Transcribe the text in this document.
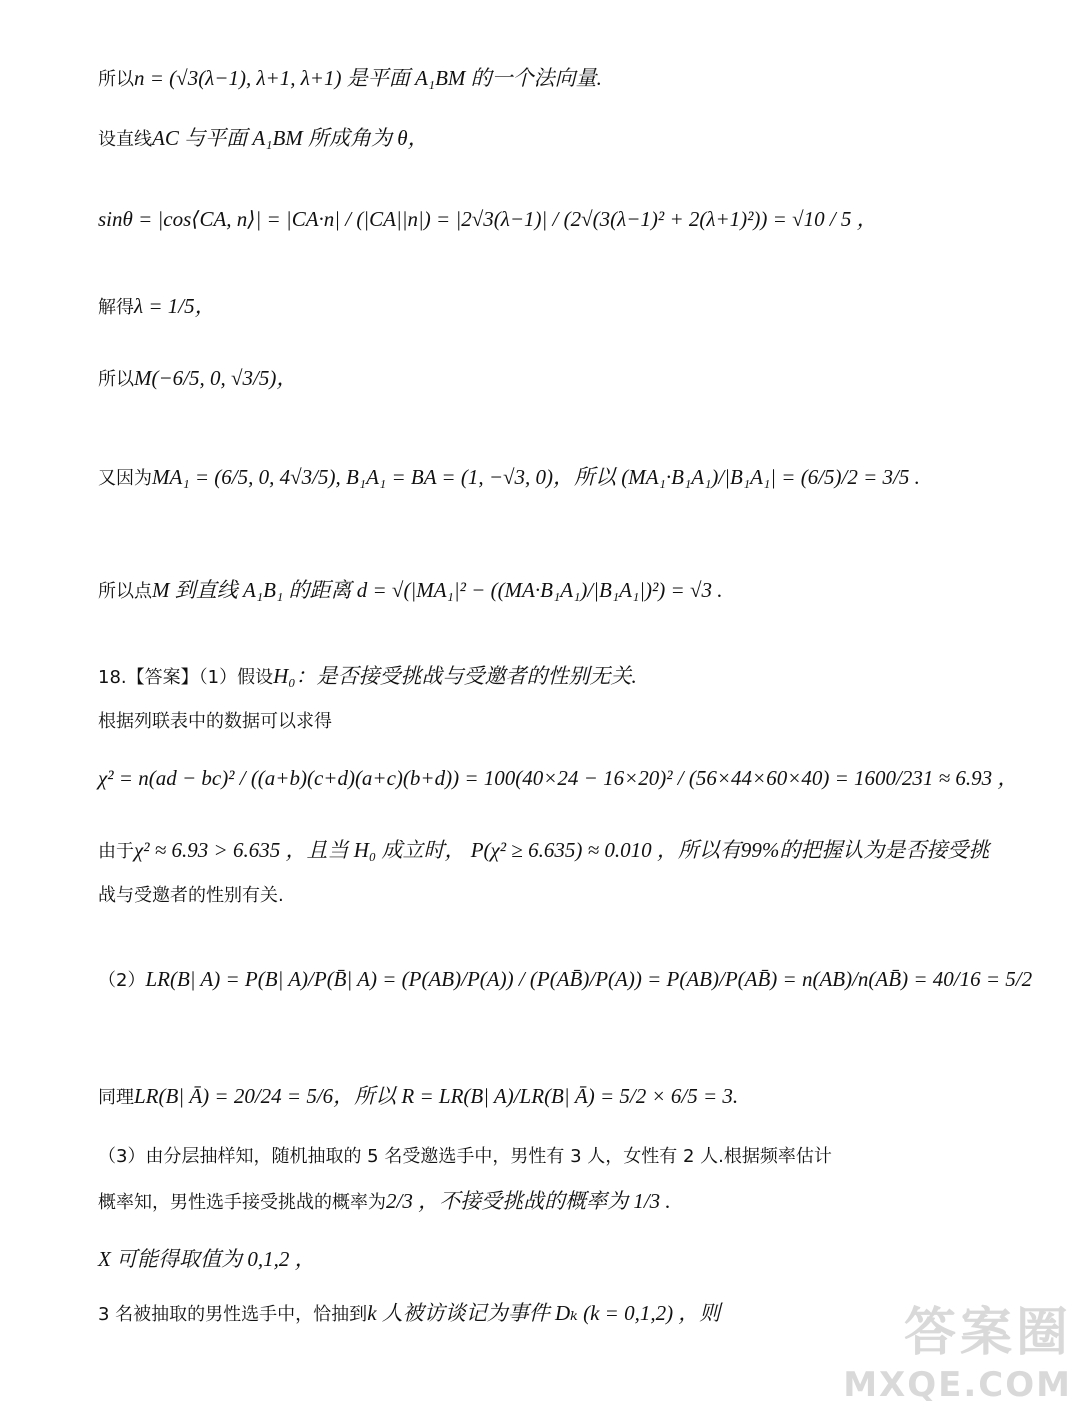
所以n = (√3(λ−1), λ+1, λ+1) 是平面 A₁BM 的一个法向量.
设直线AC 与平面 A₁BM 所成角为 θ，
sinθ = |cos⟨CA, n⟩| = |CA·n| / (|CA||n|) = |2√3(λ−1)| / (2√(3(λ−1)² + 2(λ+1)²)) = √10 / 5 ，
解得λ = 1/5，
所以M(−6/5, 0, √3/5)，
又因为MA₁ = (6/5, 0, 4√3/5), B₁A₁ = BA = (1, −√3, 0)，所以 (MA₁·B₁A₁)/|B₁A₁| = (6/5)/2 = 3/5 .
所以点M 到直线 A₁B₁ 的距离 d = √(|MA₁|² − ((MA·B₁A₁)/|B₁A₁|)²) = √3 .
18.【答案】（1）假设H₀：是否接受挑战与受邀者的性别无关.
根据列联表中的数据可以求得
χ² = n(ad − bc)² / ((a+b)(c+d)(a+c)(b+d)) = 100(40×24 − 16×20)² / (56×44×60×40) = 1600/231 ≈ 6.93 ，
由于χ² ≈ 6.93 > 6.635 ，且当 H₀ 成立时， P(χ² ≥ 6.635) ≈ 0.010 ，所以有99%的把握认为是否接受挑
战与受邀者的性别有关.
（2）LR(B| A) = P(B| A)/P(B̄| A) = (P(AB)/P(A)) / (P(AB̄)/P(A)) = P(AB)/P(AB̄) = n(AB)/n(AB̄) = 40/16 = 5/2
同理LR(B| Ā) = 20/24 = 5/6，所以 R = LR(B| A)/LR(B| Ā) = 5/2 × 6/5 = 3.
（3）由分层抽样知，随机抽取的 5 名受邀选手中，男性有 3 人，女性有 2 人.根据频率估计
概率知，男性选手接受挑战的概率为2/3 ，不接受挑战的概率为 1/3 .
X 可能得取值为 0,1,2 ，
3 名被抽取的男性选手中，恰抽到k 人被访谈记为事件 Dₖ (k = 0,1,2) ，则	答案圈
MXQE.COM
